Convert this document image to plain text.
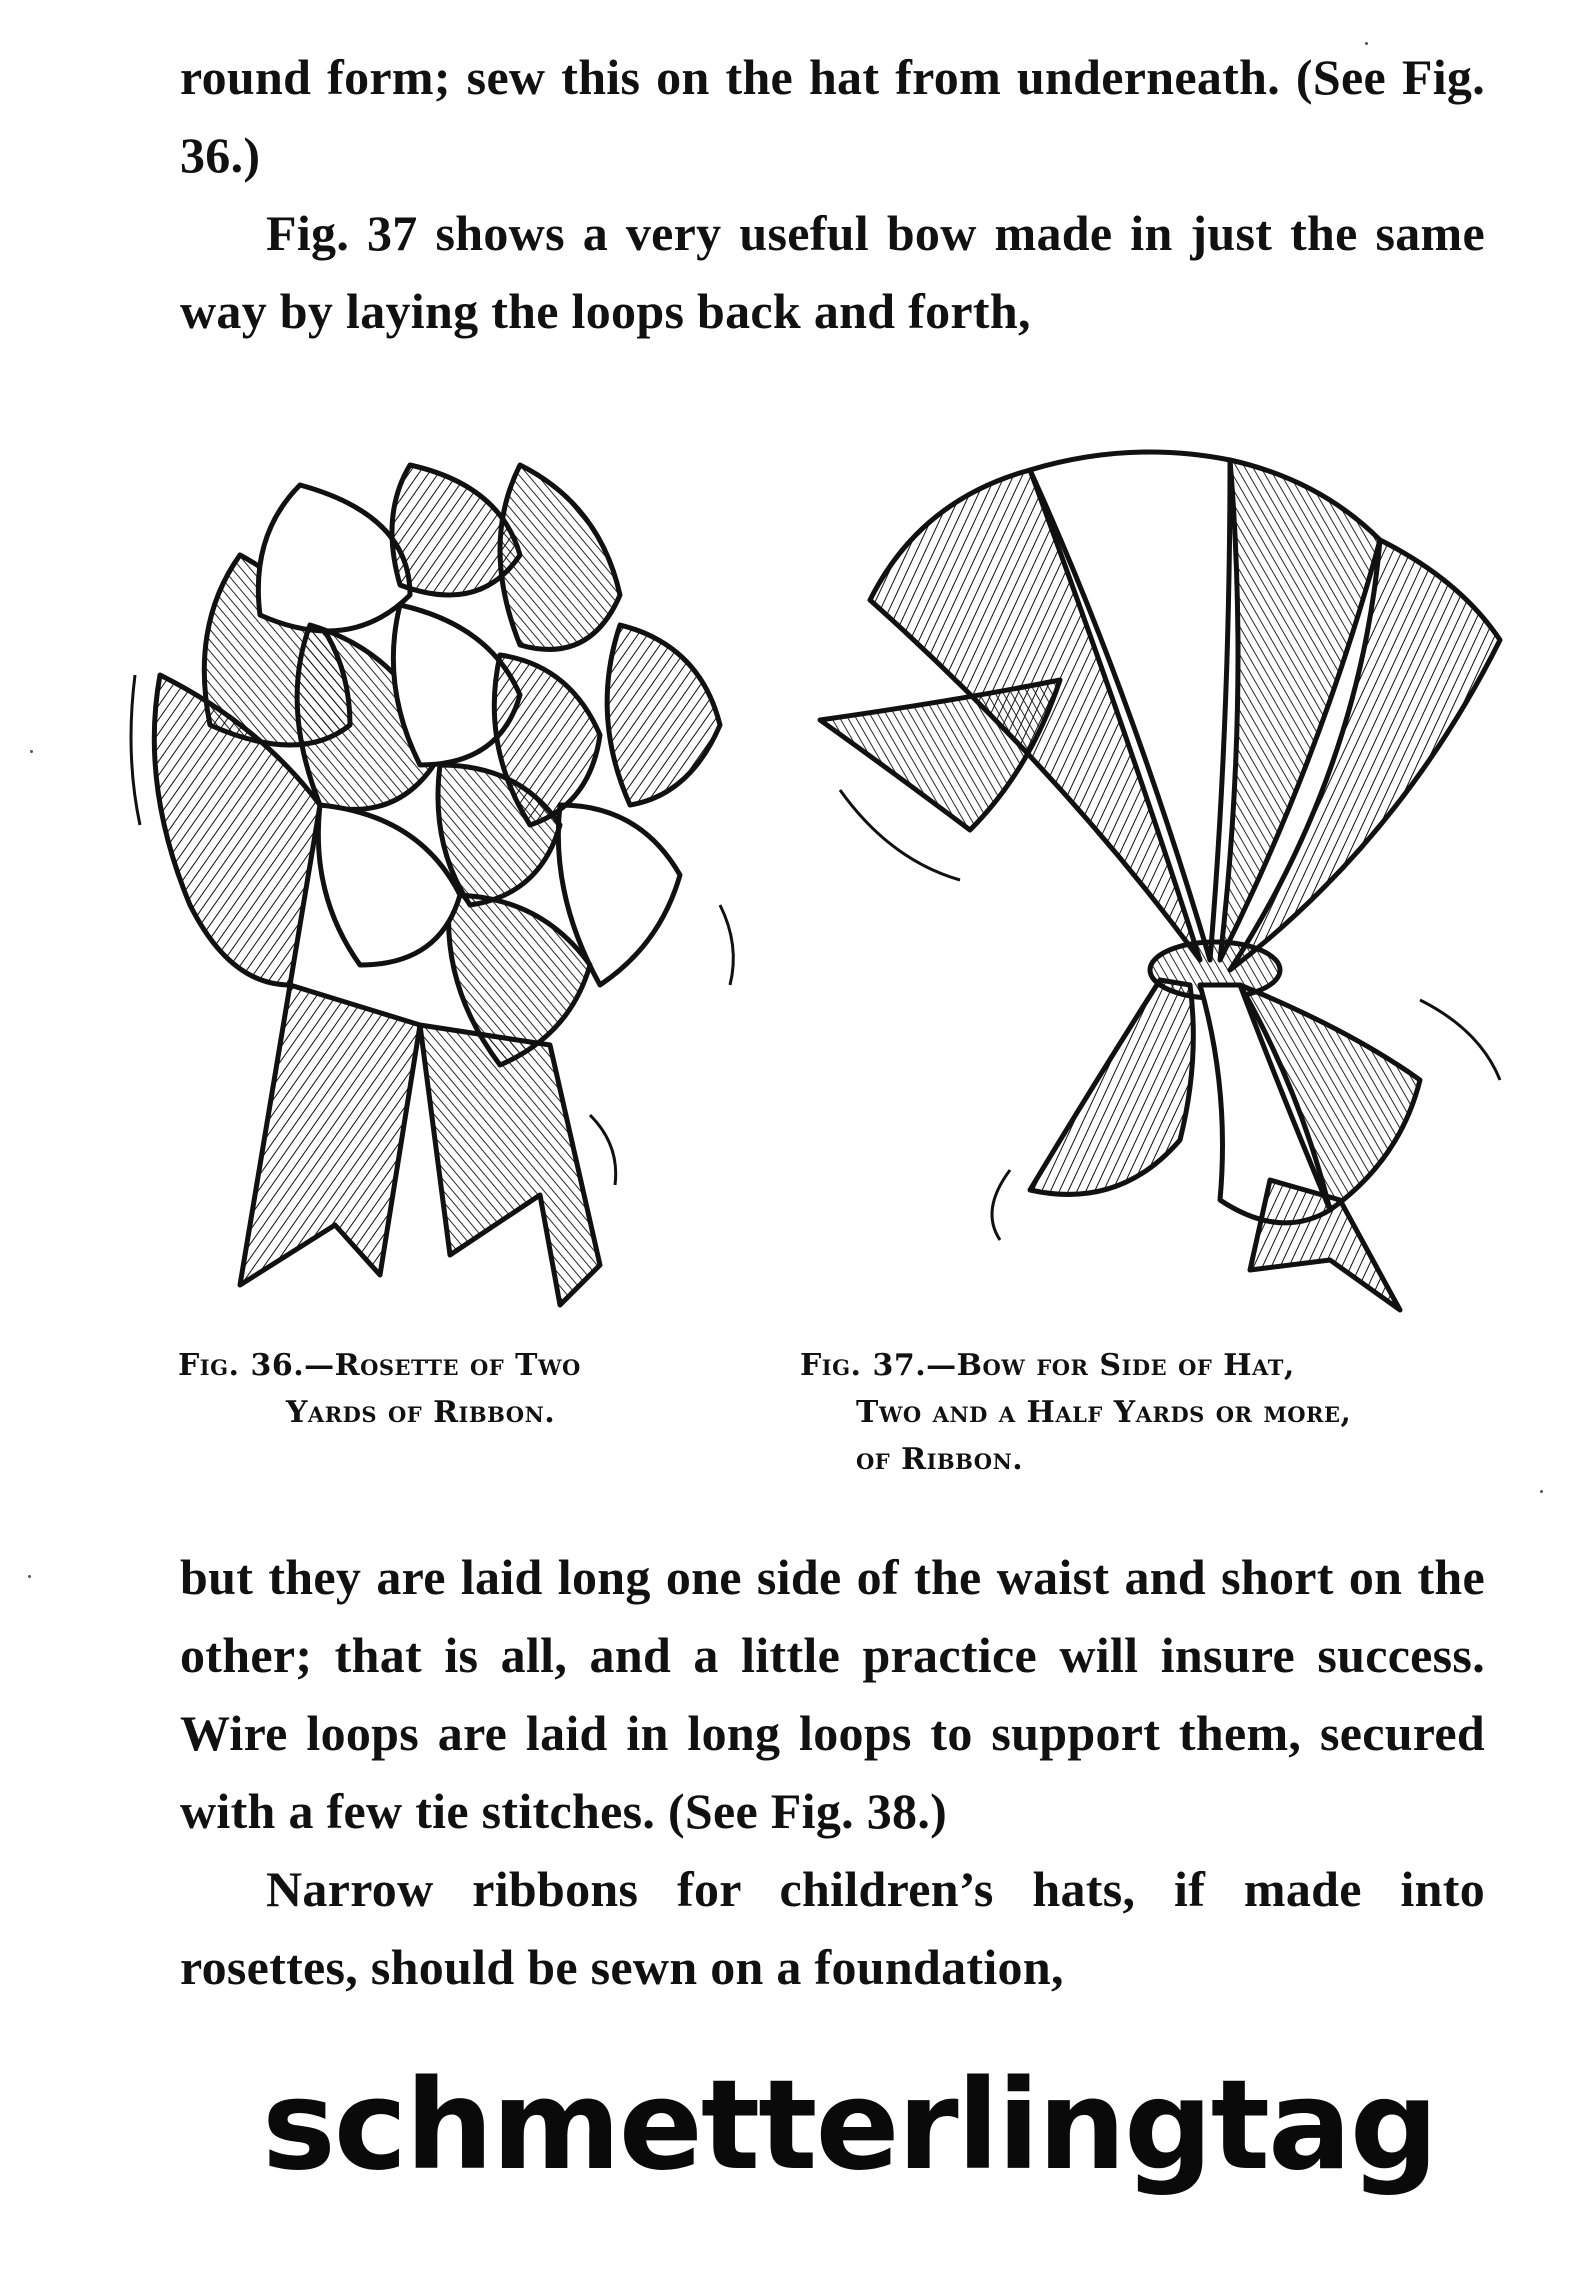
round form; sew this on the hat from underneath. (See Fig. 36.)

Fig. 37 shows a very useful bow made in just the same way by laying the loops back and forth,

Fig. 36.—Rosette of Two
Yards of Ribbon.
Fig. 37.—Bow for Side of Hat,
Two and a Half Yards or more,
of Ribbon.

but they are laid long one side of the waist and short on the other; that is all, and a little practice will insure success. Wire loops are laid in long loops to support them, secured with a few tie stitches. (See Fig. 38.)

Narrow ribbons for children’s hats, if made into rosettes, should be sewn on a foundation,

schmetterlingtag
